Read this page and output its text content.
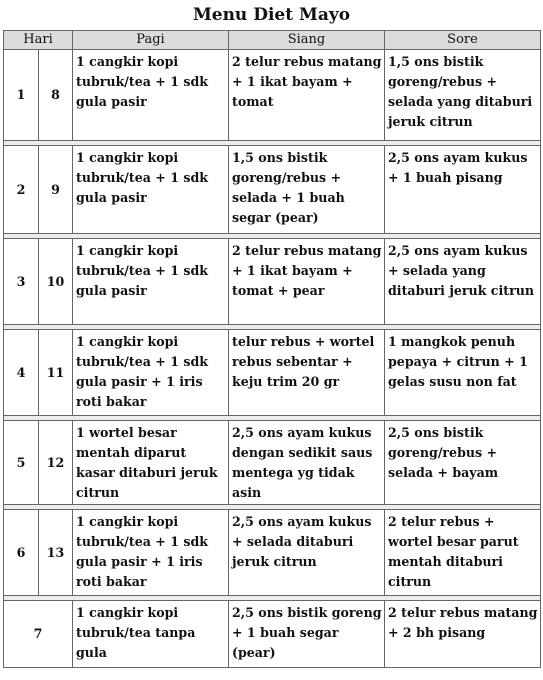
Menu Diet Mayo
Hari		Pagi	Siang	Sore
1	8	1 cangkir kopi tubruk/tea + 1 sdk gula pasir	2 telur rebus matang + 1 ikat bayam + tomat	1,5 ons bistik goreng/rebus + selada yang ditaburi jeruk citrun

2	9	1 cangkir kopi tubruk/tea + 1 sdk gula pasir	1,5 ons bistik goreng/rebus + selada + 1 buah segar (pear)	2,5 ons ayam kukus + 1 buah pisang

3	10	1 cangkir kopi tubruk/tea + 1 sdk gula pasir	2 telur rebus matang + 1 ikat bayam + tomat + pear	2,5 ons ayam kukus + selada yang ditaburi jeruk citrun

4	11	1 cangkir kopi tubruk/tea + 1 sdk gula pasir + 1 iris roti bakar	telur rebus + wortel rebus sebentar + keju trim 20 gr	1 mangkok penuh pepaya + citrun + 1 gelas susu non fat

5	12	1 wortel besar mentah diparut kasar ditaburi jeruk citrun	2,5 ons ayam kukus dengan sedikit saus mentega yg tidak asin	2,5 ons bistik goreng/rebus + selada + bayam

6	13	1 cangkir kopi tubruk/tea + 1 sdk gula pasir + 1 iris roti bakar	2,5 ons ayam kukus + selada ditaburi jeruk citrun	2 telur rebus + wortel besar parut mentah ditaburi citrun

7		1 cangkir kopi tubruk/tea tanpa gula	2,5 ons bistik goreng + 1 buah segar (pear)	2 telur rebus matang + 2 bh pisang
